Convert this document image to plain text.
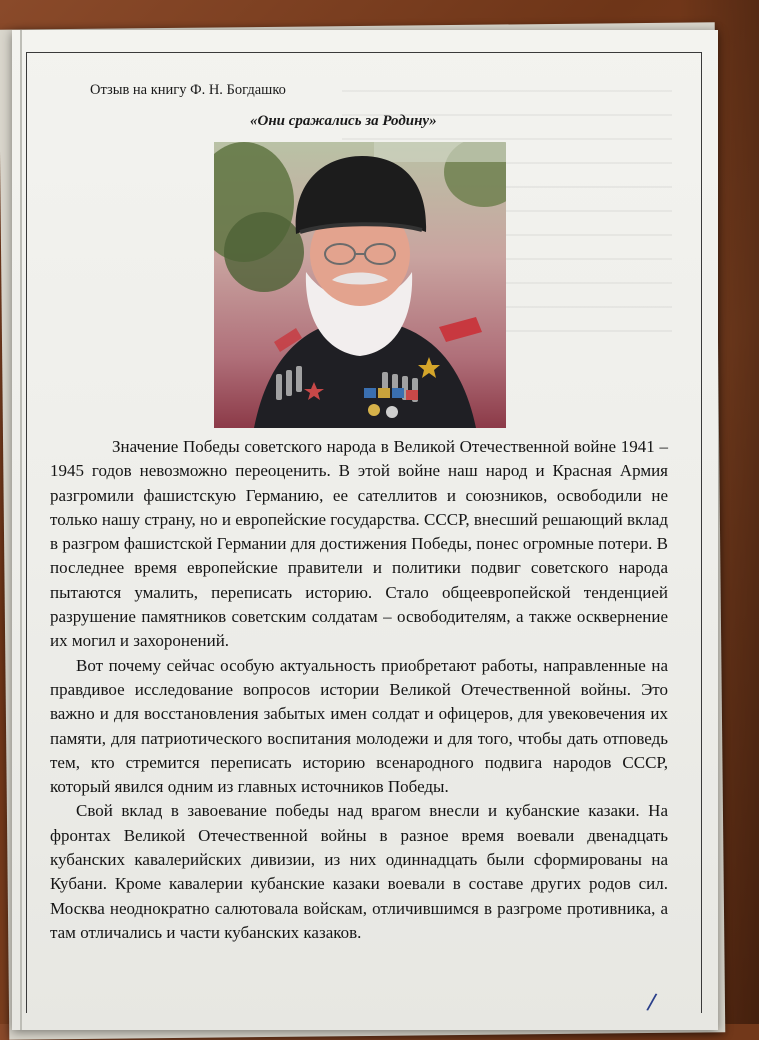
Отзыв на книгу Ф. Н. Богдашко
«Они сражались за Родину»

Значение Победы советского народа в Великой Отечественной войне 1941 – 1945 годов невозможно переоценить. В этой войне наш народ и Красная Армия разгромили фашистскую Германию, ее сателлитов и союзников, освободили не только нашу страну, но и европейские государства. СССР, внесший решающий вклад в разгром фашистской Германии для достижения Победы, понес огромные потери. В последнее время европейские правители и политики подвиг советского народа пытаются умалить, переписать историю. Стало общеевропейской тенденцией разрушение памятников советским солдатам – освободителям, а также осквернение их могил и захоронений.

Вот почему сейчас особую актуальность приобретают работы, направленные на правдивое исследование вопросов истории Великой Отечественной войны. Это важно и для восстановления забытых имен солдат и офицеров, для увековечения их памяти, для патриотического воспитания молодежи и для того, чтобы дать отповедь тем, кто стремится переписать историю всенародного подвига народов СССР, который явился одним из главных источников Победы.

Свой вклад в завоевание победы над врагом внесли и кубанские казаки. На фронтах Великой Отечественной войны в разное время воевали двенадцать кубанских кавалерийских дивизии, из них одиннадцать были сформированы на Кубани. Кроме кавалерии кубанские казаки воевали в составе других родов сил. Москва неоднократно салютовала войскам, отличившимся в разгроме противника, а там отличались и части кубанских казаков.

/
